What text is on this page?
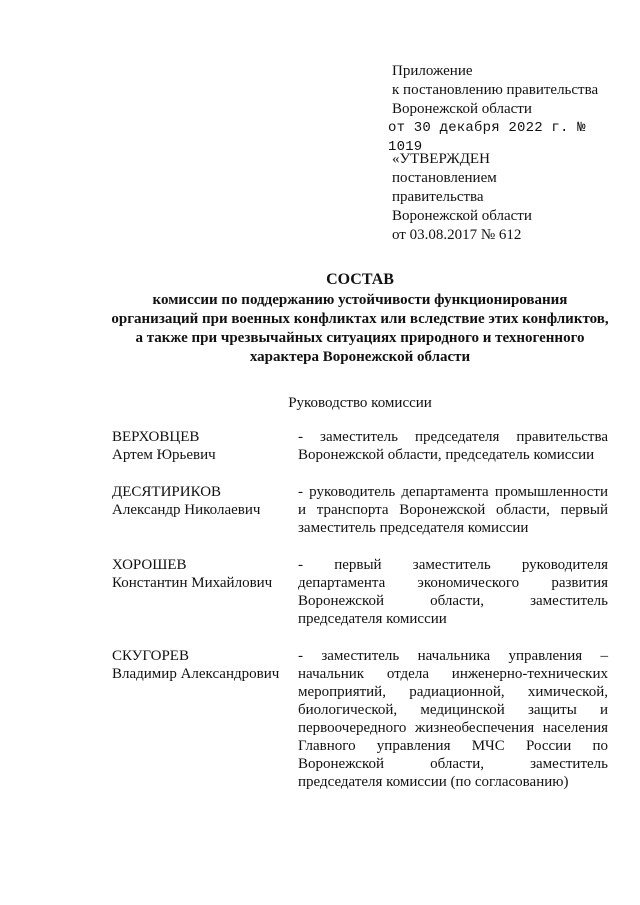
Приложение
к постановлению правительства
Воронежской области
от 30 декабря 2022 г. № 1019
«УТВЕРЖДЕН
постановлением
правительства
Воронежской области
от 03.08.2017 № 612
СОСТАВ
комиссии по поддержанию устойчивости функционирования
организаций при военных конфликтах или вследствие этих конфликтов,
а также при чрезвычайных ситуациях природного и техногенного
характера Воронежской области
Руководство комиссии
ВЕРХОВЦЕВ
Артем Юрьевич
- заместитель председателя правительства Воронежской области, председатель комиссии
ДЕСЯТИРИКОВ
Александр Николаевич
- руководитель департамента промышленности и транспорта Воронежской области, первый заместитель председателя комиссии
ХОРОШЕВ
Константин Михайлович
- первый заместитель руководителя департамента экономического развития Воронежской области, заместитель председателя комиссии
СКУГОРЕВ
Владимир Александрович
- заместитель начальника управления – начальник отдела инженерно-технических мероприятий, радиационной, химической, биологической, медицинской защиты и первоочередного жизнеобеспечения населения Главного управления МЧС России по Воронежской области, заместитель председателя комиссии (по согласованию)
